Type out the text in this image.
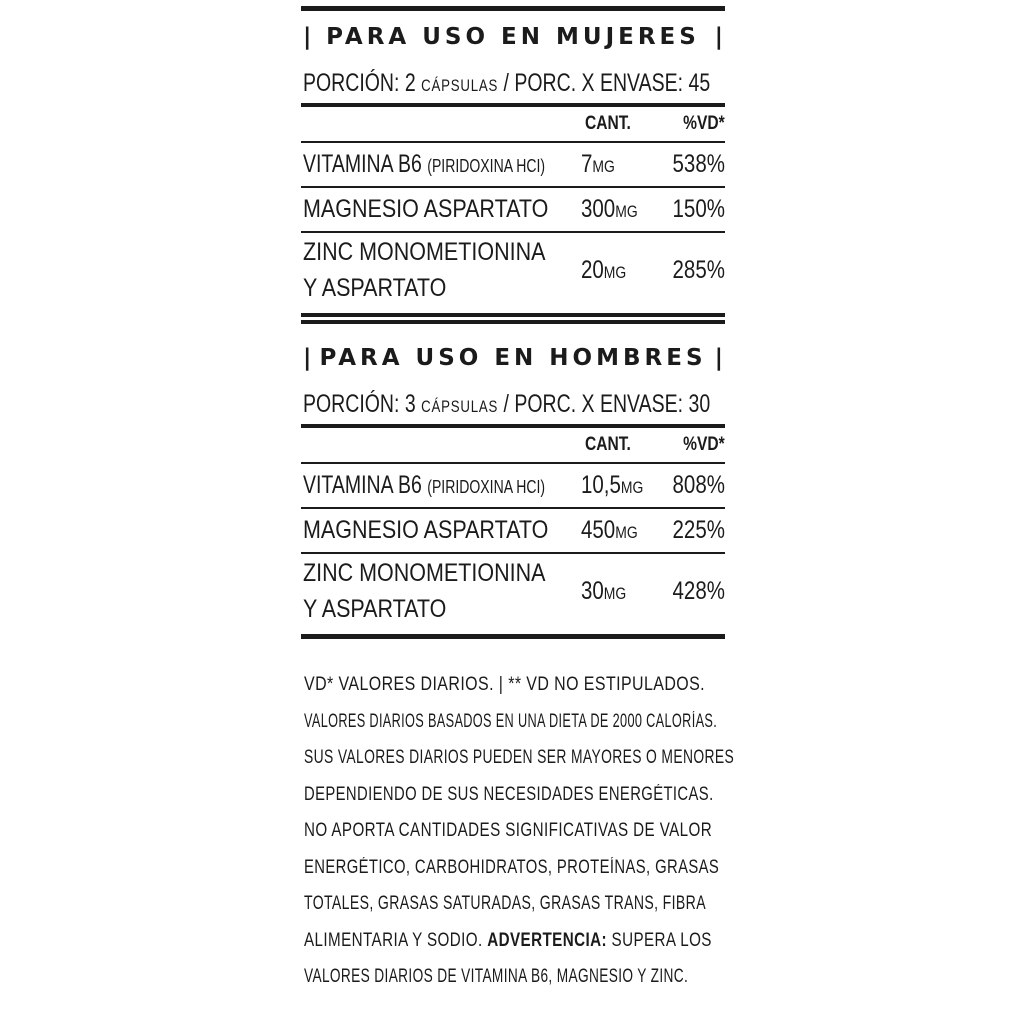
| PARA USO EN MUJERES |
PORCIÓN: 2 CÁPSULAS / PORC. X ENVASE: 45
CANT.	%VD*
VITAMINA B6 (PIRIDOXINA HCI)	7MG	538%
MAGNESIO ASPARTATO	300MG	150%
ZINC MONOMETIONINA
Y ASPARTATO
20MG	285%
| PARA USO EN HOMBRES |
PORCIÓN: 3 CÁPSULAS / PORC. X ENVASE: 30
CANT.	%VD*
VITAMINA B6 (PIRIDOXINA HCI)	10,5MG	808%
MAGNESIO ASPARTATO	450MG	225%
ZINC MONOMETIONINA
Y ASPARTATO
30MG	428%
VD* VALORES DIARIOS. | ** VD NO ESTIPULADOS.
VALORES DIARIOS BASADOS EN UNA DIETA DE 2000 CALORÍAS.
SUS VALORES DIARIOS PUEDEN SER MAYORES O MENORES
DEPENDIENDO DE SUS NECESIDADES ENERGÉTICAS.
NO APORTA CANTIDADES SIGNIFICATIVAS DE VALOR
ENERGÉTICO, CARBOHIDRATOS, PROTEÍNAS, GRASAS
TOTALES, GRASAS SATURADAS, GRASAS TRANS, FIBRA
ALIMENTARIA Y SODIO. ADVERTENCIA: SUPERA LOS
VALORES DIARIOS DE VITAMINA B6, MAGNESIO Y ZINC.
